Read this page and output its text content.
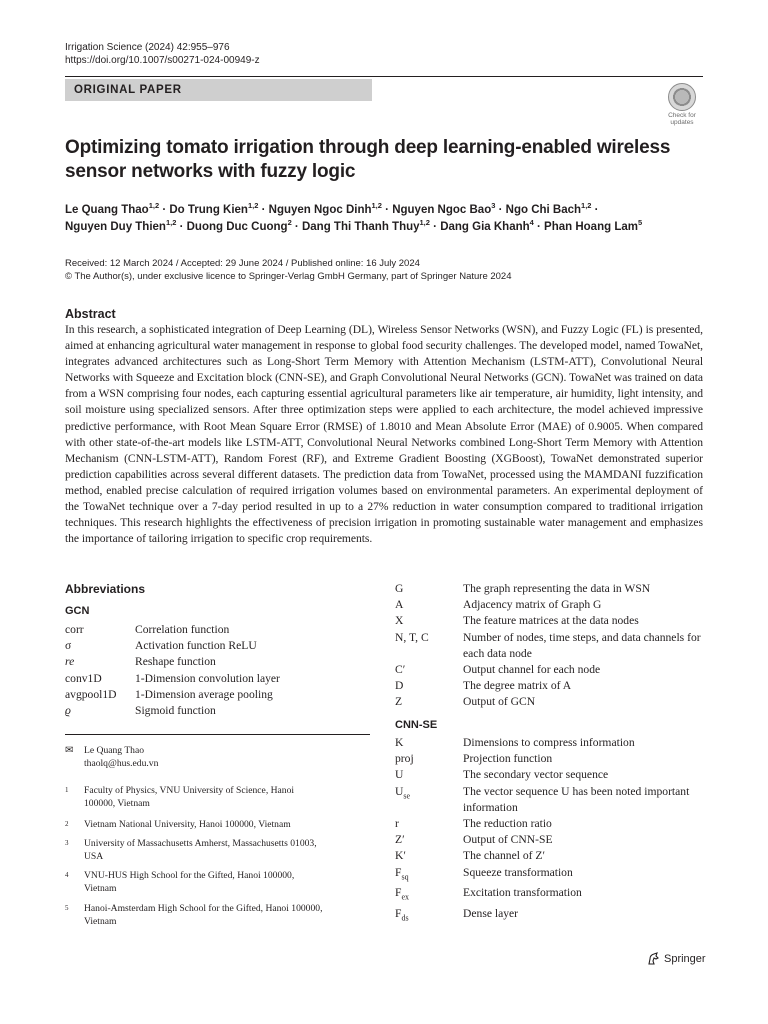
Irrigation Science (2024) 42:955–976
https://doi.org/10.1007/s00271-024-00949-z
ORIGINAL PAPER
Check for
updates
Optimizing tomato irrigation through deep learning-enabled wireless sensor networks with fuzzy logic
Le Quang Thao$^{1,2}$ · Do Trung Kien$^{1,2}$ · Nguyen Ngoc Dinh$^{1,2}$ · Nguyen Ngoc Bao$^3$ · Ngo Chi Bach$^{1,2}$ ·
Nguyen Duy Thien$^{1,2}$ · Duong Duc Cuong$^2$ · Dang Thi Thanh Thuy$^{1,2}$ · Dang Gia Khanh$^4$ · Phan Hoang Lam$^5$
Received: 12 March 2024 / Accepted: 29 June 2024 / Published online: 16 July 2024
© The Author(s), under exclusive licence to Springer-Verlag GmbH Germany, part of Springer Nature 2024
Abstract
In this research, a sophisticated integration of Deep Learning (DL), Wireless Sensor Networks (WSN), and Fuzzy Logic (FL) is presented, aimed at enhancing agricultural water management in response to global food security challenges. The developed model, named TowaNet, integrates advanced architectures such as Long-Short Term Memory with Attention Mechanism (LSTM-ATT), Convolutional Neural Networks with Squeeze and Excitation block (CNN-SE), and Graph Convolutional Neural Networks (GCN). TowaNet was trained on data from a WSN comprising four nodes, each capturing essential agricultural parameters like air temperature, air humidity, light intensity, and soil moisture using specialized sensors. After three optimization steps were applied to each architecture, the model achieved impressive predictive performance, with Root Mean Square Error (RMSE) of 1.8010 and Mean Absolute Error (MAE) of 0.9005. When compared with other state-of-the-art models like LSTM-ATT, Convolutional Neural Networks combined Long-Short Term Memory with Attention Mechanism (CNN-LSTM-ATT), Random Forest (RF), and Extreme Gradient Boosting (XGBoost), TowaNet demonstrated superior prediction capabilities across several different datasets. The prediction data from TowaNet, processed using the MAMDANI fuzzification method, enabled precise calculation of required irrigation volumes based on environmental parameters. An experimental deployment of the TowaNet technique over a 7-day period resulted in up to a 27% reduction in water consumption compared to traditional irrigation techniques. This research highlights the effectiveness of precision irrigation in promoting sustainable water management and emphasizes the importance of tailoring irrigation to specific crop requirements.
Abbreviations
GCN
corr	Correlation function
σ	Activation function ReLU
re	Reshape function
conv1D	1-Dimension convolution layer
avgpool1D	1-Dimension average pooling
ϱ	Sigmoid function
G	The graph representing the data in WSN
A	Adjacency matrix of Graph G
X	The feature matrices at the data nodes
N, T, C	Number of nodes, time steps, and data channels for each data node
C′	Output channel for each node
D	The degree matrix of A
Z	Output of GCN
CNN-SE
K	Dimensions to compress information
proj	Projection function
U	The secondary vector sequence
$U_{se}$	The vector sequence U has been noted important information
r	The reduction ratio
Z′	Output of CNN-SE
K′	The channel of Z′
$F_{sq}$	Squeeze transformation
$F_{ex}$	Excitation transformation
$F_{ds}$	Dense layer
✉ Le Quang Thao
thaolq@hus.edu.vn
1 Faculty of Physics, VNU University of Science, Hanoi 100000, Vietnam
2 Vietnam National University, Hanoi 100000, Vietnam
3 University of Massachusetts Amherst, Massachusetts 01003, USA
4 VNU-HUS High School for the Gifted, Hanoi 100000, Vietnam
5 Hanoi-Amsterdam High School for the Gifted, Hanoi 100000, Vietnam
Springer
